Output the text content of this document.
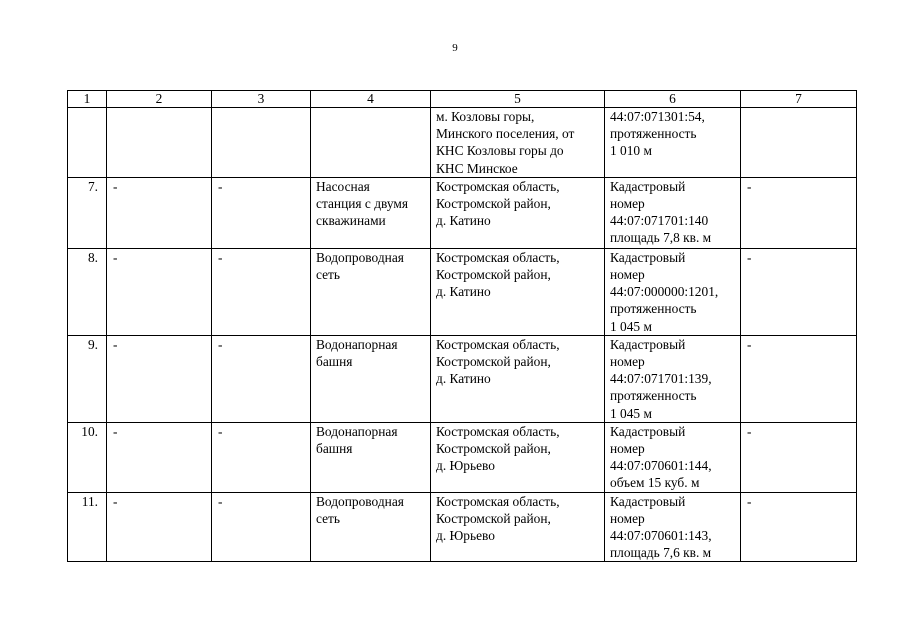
9
1	2	3	4	5	6	7

				м. Козловы горы,
Минского поселения, от
КНС Козловы горы до
КНС Минское	44:07:071301:54,
протяженность
1 010 м	

7.	-	-	Насосная
станция с двумя
скважинами	Костромская область,
Костромской район,
д. Катино	Кадастровый
номер
44:07:071701:140
площадь 7,8 кв. м	-
8.	-	-	Водопроводная
сеть	Костромская область,
Костромской район,
д. Катино	Кадастровый
номер
44:07:000000:1201,
протяженность
1 045 м	-
9.	-	-	Водонапорная
башня	Костромская область,
Костромской район,
д. Катино	Кадастровый
номер
44:07:071701:139,
протяженность
1 045 м	-
10.	-	-	Водонапорная
башня	Костромская область,
Костромской район,
д. Юрьево	Кадастровый
номер
44:07:070601:144,
объем 15 куб. м	-
11.	-	-	Водопроводная
сеть	Костромская область,
Костромской район,
д. Юрьево	Кадастровый
номер
44:07:070601:143,
площадь 7,6 кв. м	-
